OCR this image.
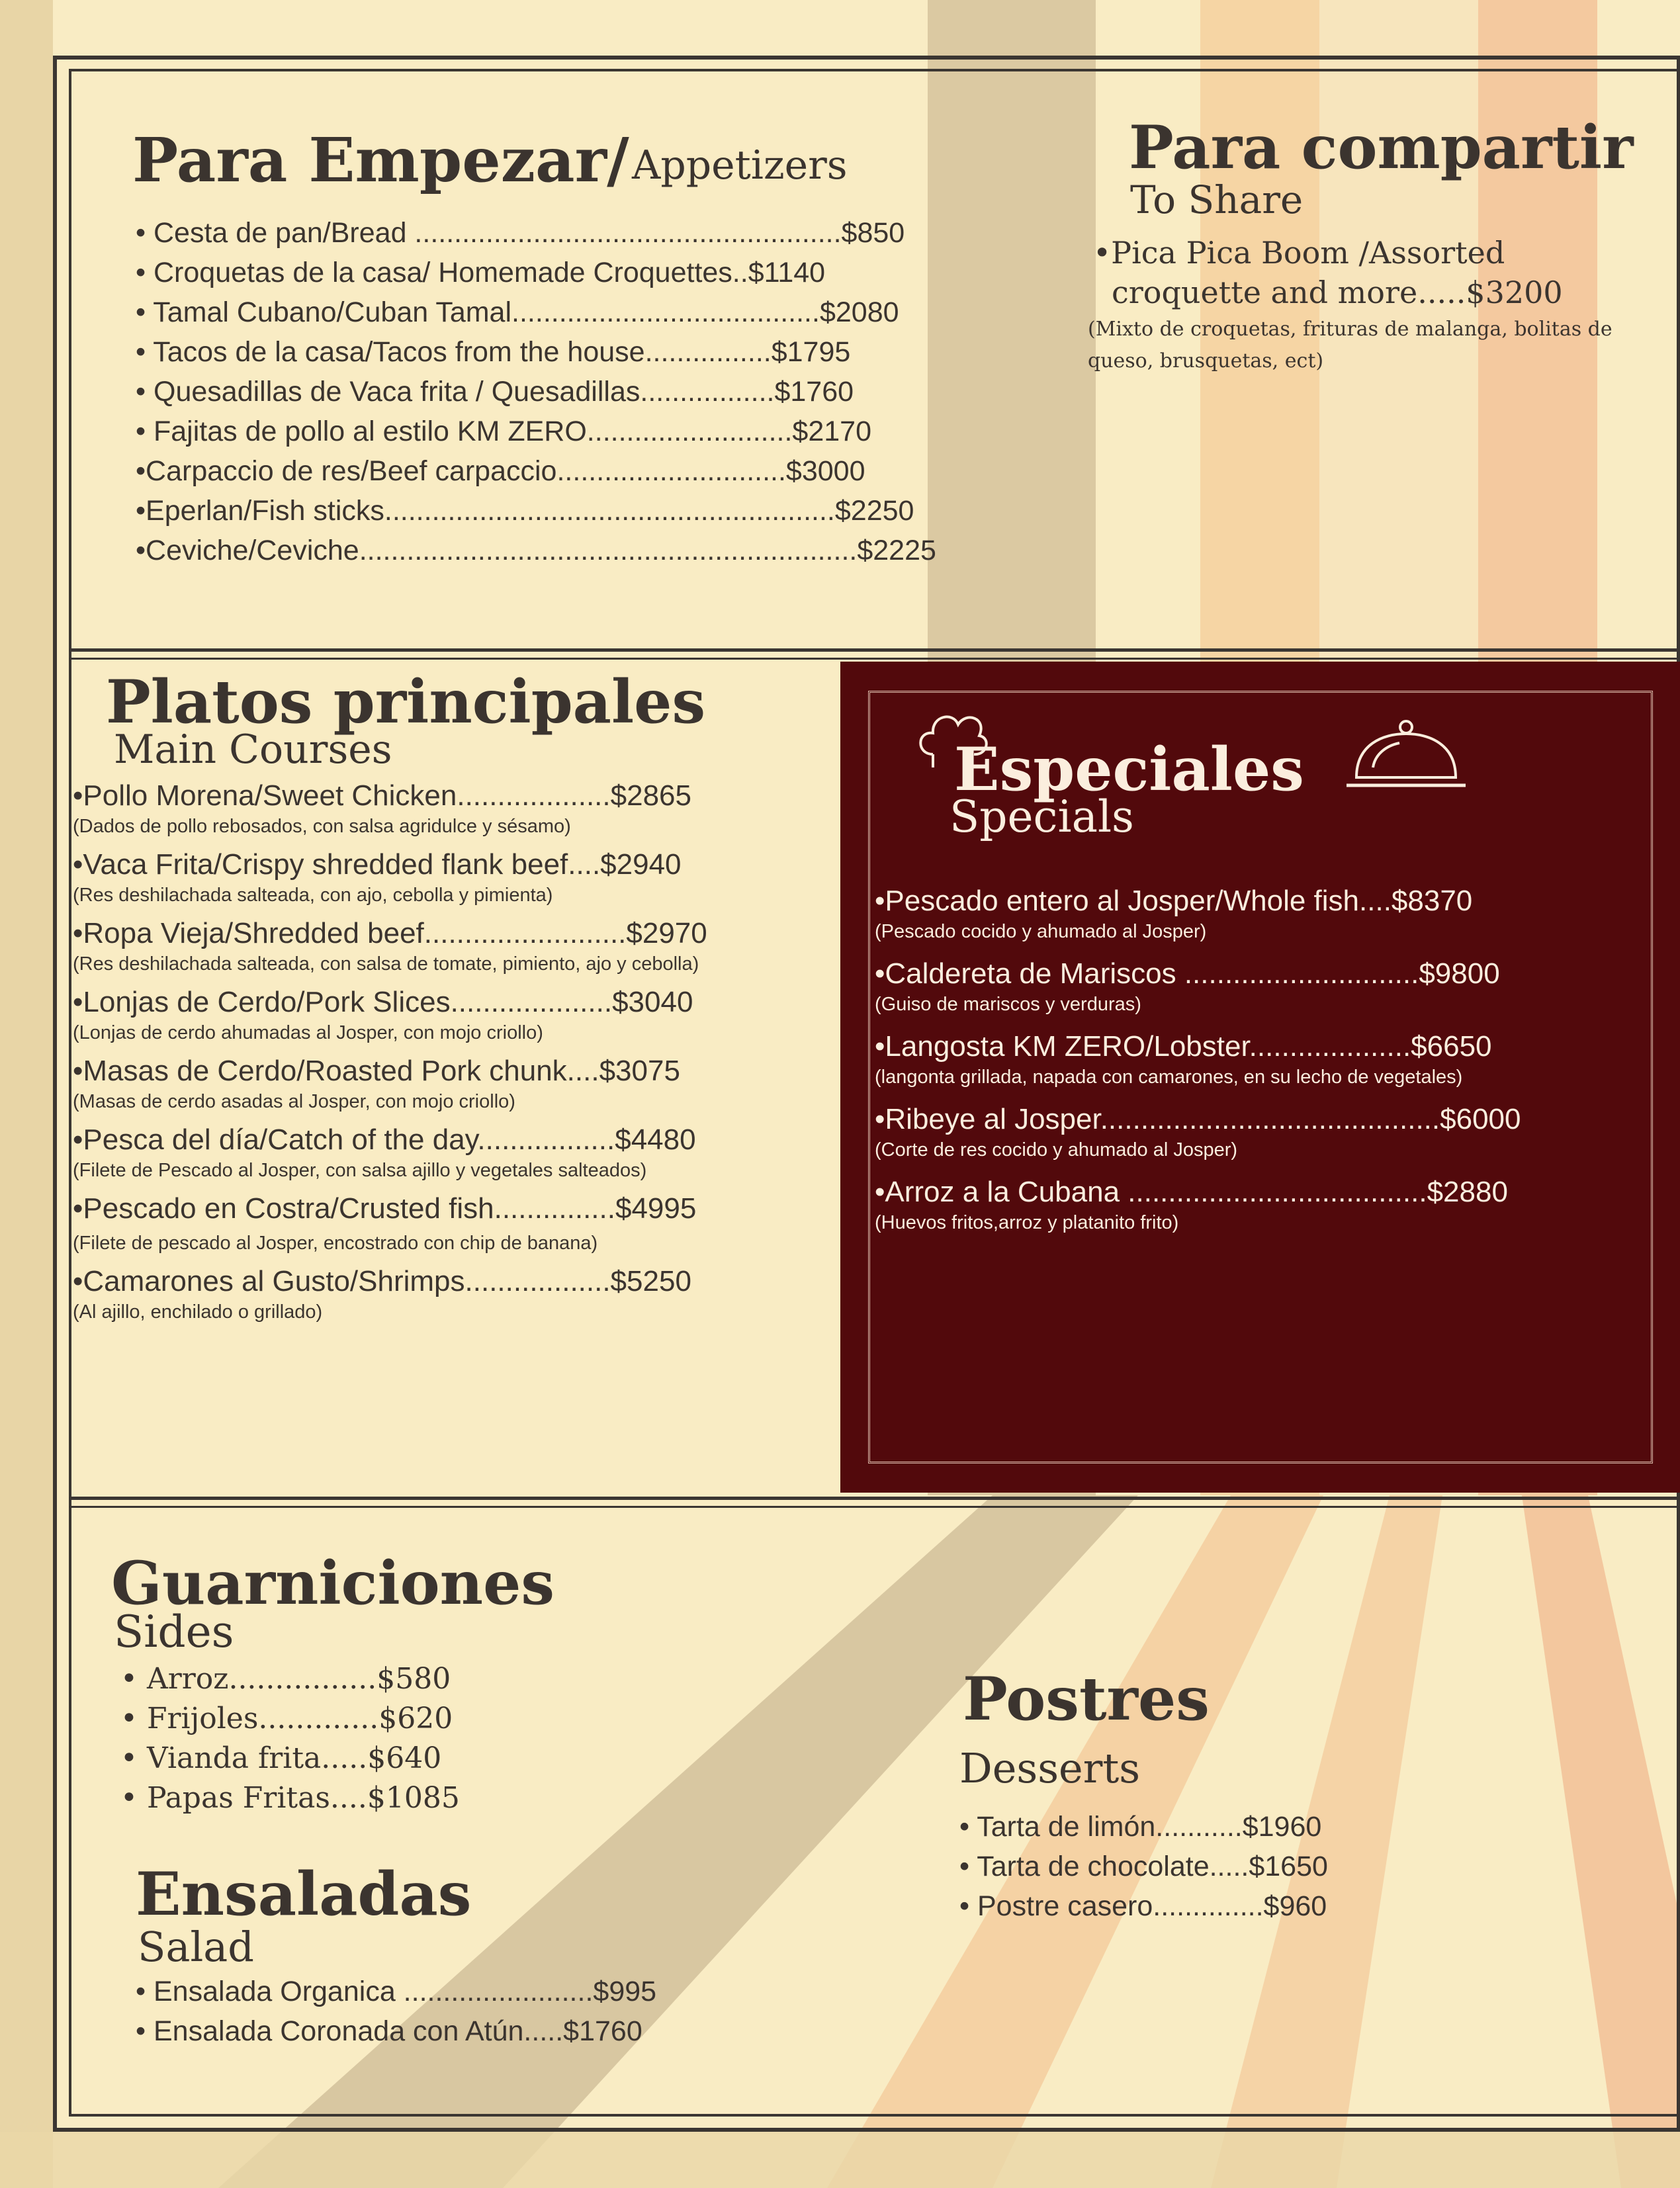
Para Empezar/ Appetizers
• Cesta de pan/Bread ......................................................$850
• Croquetas de la casa/ Homemade Croquettes..$1140
• Tamal Cubano/Cuban Tamal.......................................$2080
• Tacos de la casa/Tacos from the house................$1795
• Quesadillas de Vaca frita / Quesadillas.................$1760
• Fajitas de pollo al estilo KM ZERO..........................$2170
•Carpaccio de res/Beef carpaccio.............................$3000
•Eperlan/Fish sticks.........................................................$2250
•Ceviche/Ceviche...............................................................$2225
Para compartir
To Share
•Pica Pica Boom /Assorted
croquette and more.....$3200
(Mixto de croquetas, frituras de malanga, bolitas de
queso, brusquetas, ect)
Platos principales
Main Courses
•Pollo Morena/Sweet Chicken...................$2865
(Dados de pollo rebosados, con salsa agridulce y sésamo)
•Vaca Frita/Crispy shredded flank beef....$2940
(Res deshilachada salteada, con ajo, cebolla y pimienta)
•Ropa Vieja/Shredded beef.........................$2970
(Res deshilachada salteada, con salsa de tomate, pimiento, ajo y cebolla)
•Lonjas de Cerdo/Pork Slices....................$3040
(Lonjas de cerdo ahumadas al Josper, con mojo criollo)
•Masas de Cerdo/Roasted Pork chunk....$3075
(Masas de cerdo asadas al Josper, con mojo criollo)
•Pesca del día/Catch of the day.................$4480
(Filete de Pescado al Josper, con salsa ajillo y vegetales salteados)
•Pescado en Costra/Crusted fish...............$4995
(Filete de pescado al Josper, encostrado con chip de banana)
•Camarones al Gusto/Shrimps..................$5250
(Al ajillo, enchilado o grillado)
Especiales
Specials
•Pescado entero al Josper/Whole fish....$8370
(Pescado cocido y ahumado al Josper)
•Caldereta de Mariscos .............................$9800
(Guiso de mariscos y verduras)
•Langosta KM ZERO/Lobster....................$6650
(langonta grillada, napada con camarones, en su lecho de vegetales)
•Ribeye al Josper..........................................$6000
(Corte de res cocido y ahumado al Josper)
•Arroz a la Cubana .....................................$2880
(Huevos fritos,arroz y platanito frito)
Guarniciones
Sides
• Arroz................$580
• Frijoles.............$620
• Vianda frita.....$640
• Papas Fritas....$1085
Ensaladas
Salad
• Ensalada Organica ........................$995
• Ensalada Coronada con Atún.....$1760
Postres
Desserts
• Tarta de limón...........$1960
• Tarta de chocolate.....$1650
• Postre casero..............$960
